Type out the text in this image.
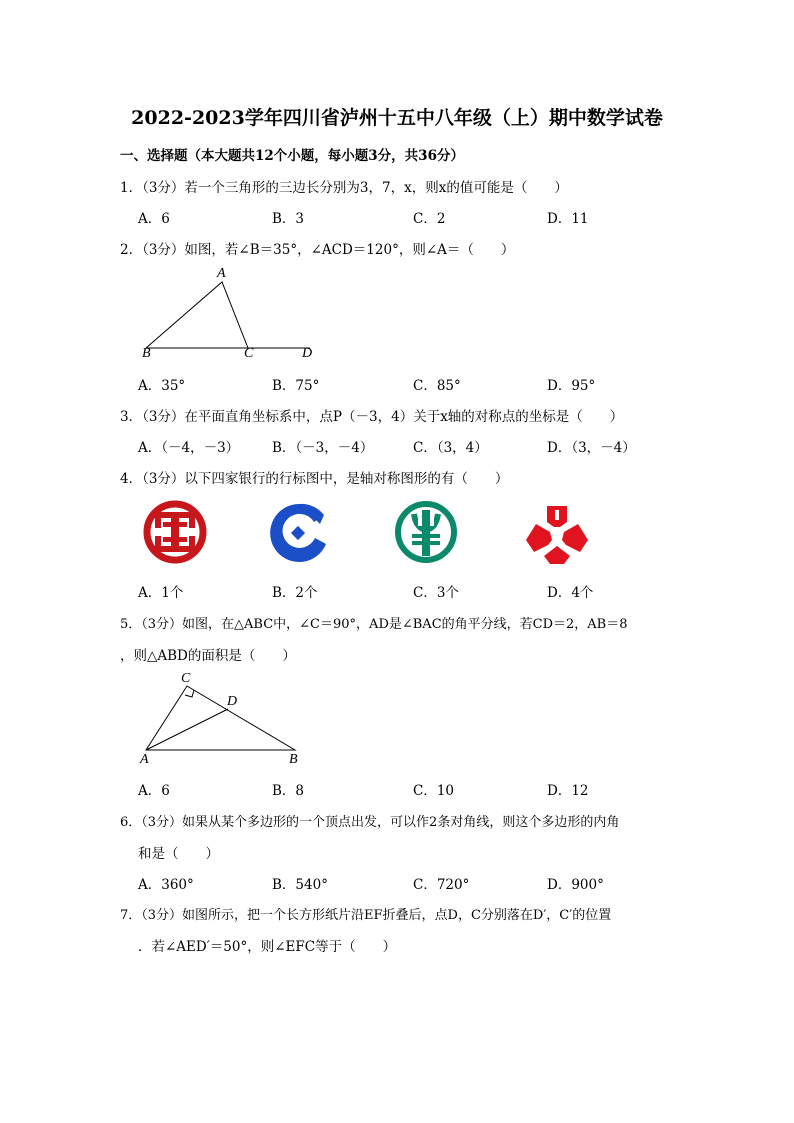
2022-2023学年四川省泸州十五中八年级（上）期中数学试卷
一、选择题（本大题共12个小题，每小题3分，共36分）
1．（3分）若一个三角形的三边长分别为3，7，x，则x的值可能是（　　）
A．6	B．3	C．2	D．11
2．（3分）如图，若∠B＝35°，∠ACD＝120°，则∠A＝（　　）
A
B	C	D
A．35°	B．75°	C．85°	D．95°
3．（3分）在平面直角坐标系中，点P（－3，4）关于x轴的对称点的坐标是（　　）
A．（－4，－3） B．（－3，－4）	C．（3，4）	D．（3，－4）
4．（3分）以下四家银行的行标图中，是轴对称图形的有（　　）
A．1个	B．2个	C．3个	D．4个
5．（3分）如图，在△ABC中，∠C＝90°，AD是∠BAC的角平分线，若CD＝2，AB＝8
，则△ABD的面积是（　　）
C
D
A	B
A．6	B．8	C．10	D．12
6．（3分）如果从某个多边形的一个顶点出发，可以作2条对角线，则这个多边形的内角
和是（　　）
A．360°	B．540°	C．720°	D．900°
7．（3分）如图所示，把一个长方形纸片沿EF折叠后，点D，C分别落在D′，C′的位置
．若∠AED′＝50°，则∠EFC等于（　　）
